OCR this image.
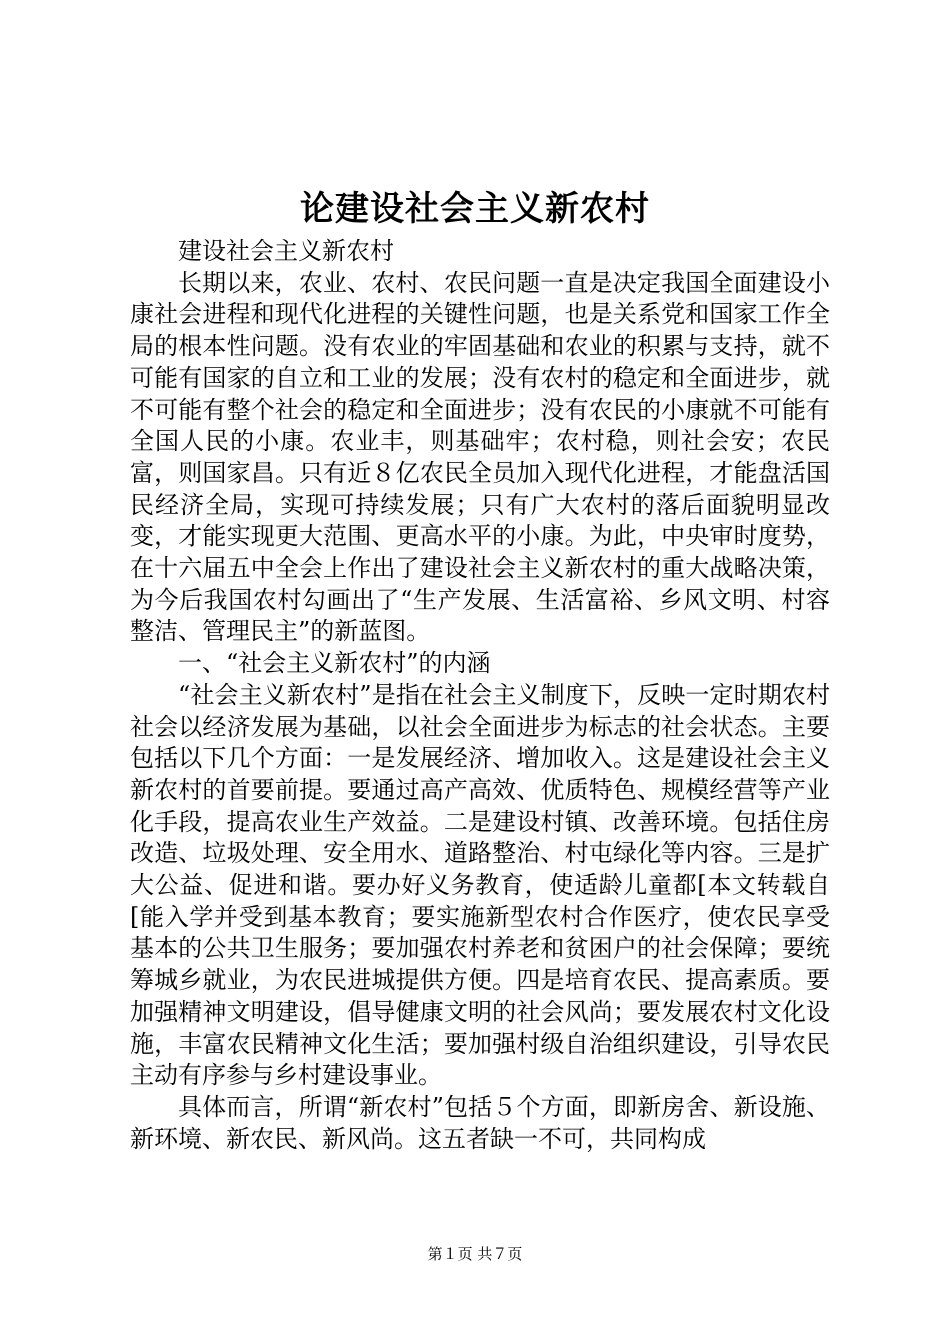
论建设社会主义新农村

建设社会主义新农村

长期以来，农业、农村、农民问题一直是决定我国全面建设小康社会进程和现代化进程的关键性问题，也是关系党和国家工作全局的根本性问题。没有农业的牢固基础和农业的积累与支持，就不可能有国家的自立和工业的发展；没有农村的稳定和全面进步，就不可能有整个社会的稳定和全面进步；没有农民的小康就不可能有全国人民的小康。农业丰，则基础牢；农村稳，则社会安；农民富，则国家昌。只有近８亿农民全员加入现代化进程，才能盘活国民经济全局，实现可持续发展；只有广大农村的落后面貌明显改变，才能实现更大范围、更高水平的小康。为此，中央审时度势，在十六届五中全会上作出了建设社会主义新农村的重大战略决策，为今后我国农村勾画出了“生产发展、生活富裕、乡风文明、村容整洁、管理民主”的新蓝图。

一、“社会主义新农村”的内涵

“社会主义新农村”是指在社会主义制度下，反映一定时期农村社会以经济发展为基础，以社会全面进步为标志的社会状态。主要包括以下几个方面：一是发展经济、增加收入。这是建设社会主义新农村的首要前提。要通过高产高效、优质特色、规模经营等产业化手段，提高农业生产效益。二是建设村镇、改善环境。包括住房改造、垃圾处理、安全用水、道路整治、村屯绿化等内容。三是扩大公益、促进和谐。要办好义务教育，使适龄儿童都[本文转载自[能入学并受到基本教育；要实施新型农村合作医疗，使农民享受基本的公共卫生服务；要加强农村养老和贫困户的社会保障；要统筹城乡就业，为农民进城提供方便。四是培育农民、提高素质。要加强精神文明建设，倡导健康文明的社会风尚；要发展农村文化设施，丰富农民精神文化生活；要加强村级自治组织建设，引导农民主动有序参与乡村建设事业。

具体而言，所谓“新农村”包括５个方面，即新房舍、新设施、新环境、新农民、新风尚。这五者缺一不可，共同构成

第１页 共７页
